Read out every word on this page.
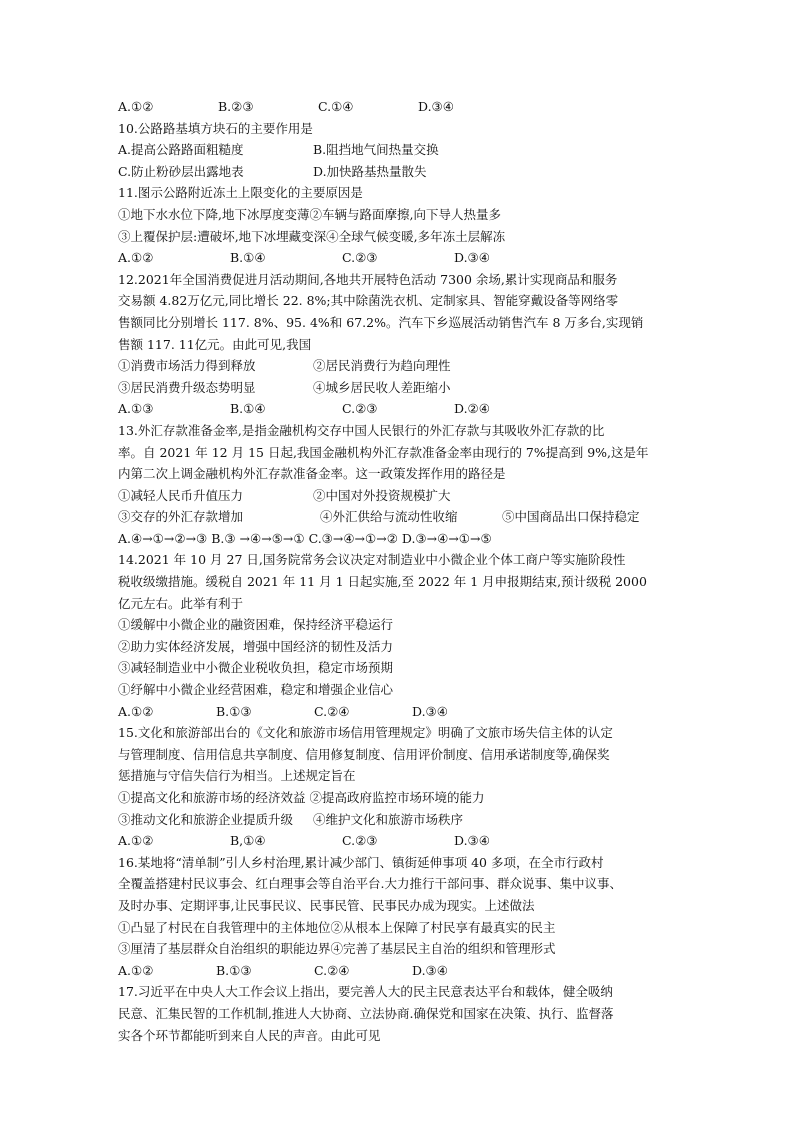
A.①②	B.②③	C.①④	D.③④
10.公路路基填方块石的主要作用是
A.提高公路路面粗糙度	B.阻挡地气间热量交换
C.防止粉砂层出露地表	D.加快路基热量散失
11.图示公路附近冻土上限变化的主要原因是
①地下水水位下降,地下冰厚度变薄②车辆与路面摩擦,向下导人热量多
③上覆保护层:遭破坏,地下冰埋藏变深④全球气候变暖,多年冻土层解冻
A.①②	B.①④	C.②③	D.③④
12.2021年全国消费促进月活动期间,各地共开展特色活动 7300 余场,累计实现商品和服务
交易额 4.82万亿元,同比增长 22. 8%;其中除菌洗衣机、定制家具、智能穿戴设备等网络零
售额同比分别增长 117. 8%、95. 4%和 67.2%。汽车下乡巡展活动销售汽车 8 万多台,实现销
售额 117. 11亿元。由此可见,我国
①消费市场活力得到释放	②居民消费行为趋向理性
③居民消费升级态势明显	④城乡居民收人差距缩小
A.①③	B.①④	C.②③	D.②④
13.外汇存款准备金率,是指金融机构交存中国人民银行的外汇存款与其吸收外汇存款的比
率。自 2021 年 12 月 15 日起,我国金融机构外汇存款准备金率由现行的 7%提高到 9%,这是年
内第二次上调金融机构外汇存款准备金率。这一政策发挥作用的路径是
①减轻人民币升值压力	②中国对外投资规模扩大
③交存的外汇存款增加	④外汇供给与流动性收缩	⑤中国商品出口保持稳定
A.④→①→②→③ B.③ →④→⑤→① C.③→④→①→② D.③→④→①→⑤
14.2021 年 10 月 27 日,国务院常务会议决定对制造业中小微企业个体工商户等实施阶段性
税收级缴措施。缓税自 2021 年 11 月 1 日起实施,至 2022 年 1 月申报期结束,预计级税 2000
亿元左右。此举有利于
①缓解中小微企业的融资困难，保持经济平稳运行
②助力实体经济发展，增强中国经济的韧性及活力
③减轻制造业中小微企业税收负担，稳定市场预期
①纾解中小微企业经营困难，稳定和增强企业信心
A.①②	B.①③	C.②④	D.③④
15.文化和旅游部出台的《文化和旅游市场信用管理规定》明确了文旅市场失信主体的认定
与管理制度、信用信息共享制度、信用修复制度、信用评价制度、信用承诺制度等,确保奖
惩措施与守信失信行为相当。上述规定旨在
①提高文化和旅游市场的经济效益 ②提高政府监控市场环境的能力
③推动文化和旅游企业提质升级	④维护文化和旅游市场秩序
A.①②	B,①④	C.②③	D.③④
16.某地将“清单制”引人乡村治理,累计减少部门、镇街延伸事项 40 多项，在全市行政村
全覆盖搭建村民议事会、红白理事会等自治平台.大力推行干部问事、群众说事、集中议事、
及时办事、定期评事,让民事民议、民事民管、民事民办成为现实。上述做法
①凸显了村民在自我管理中的主体地位②从根本上保障了村民享有最真实的民主
③厘清了基层群众自治组织的职能边界④完善了基层民主自治的组织和管理形式
A.①②	B.①③	C.②④	D.③④
17.习近平在中央人大工作会议上指出，要完善人大的民主民意表达平台和载体，健全吸纳
民意、汇集民智的工作机制,推进人大协商、立法协商.确保党和国家在决策、执行、监督落
实各个环节都能听到来自人民的声音。由此可见
